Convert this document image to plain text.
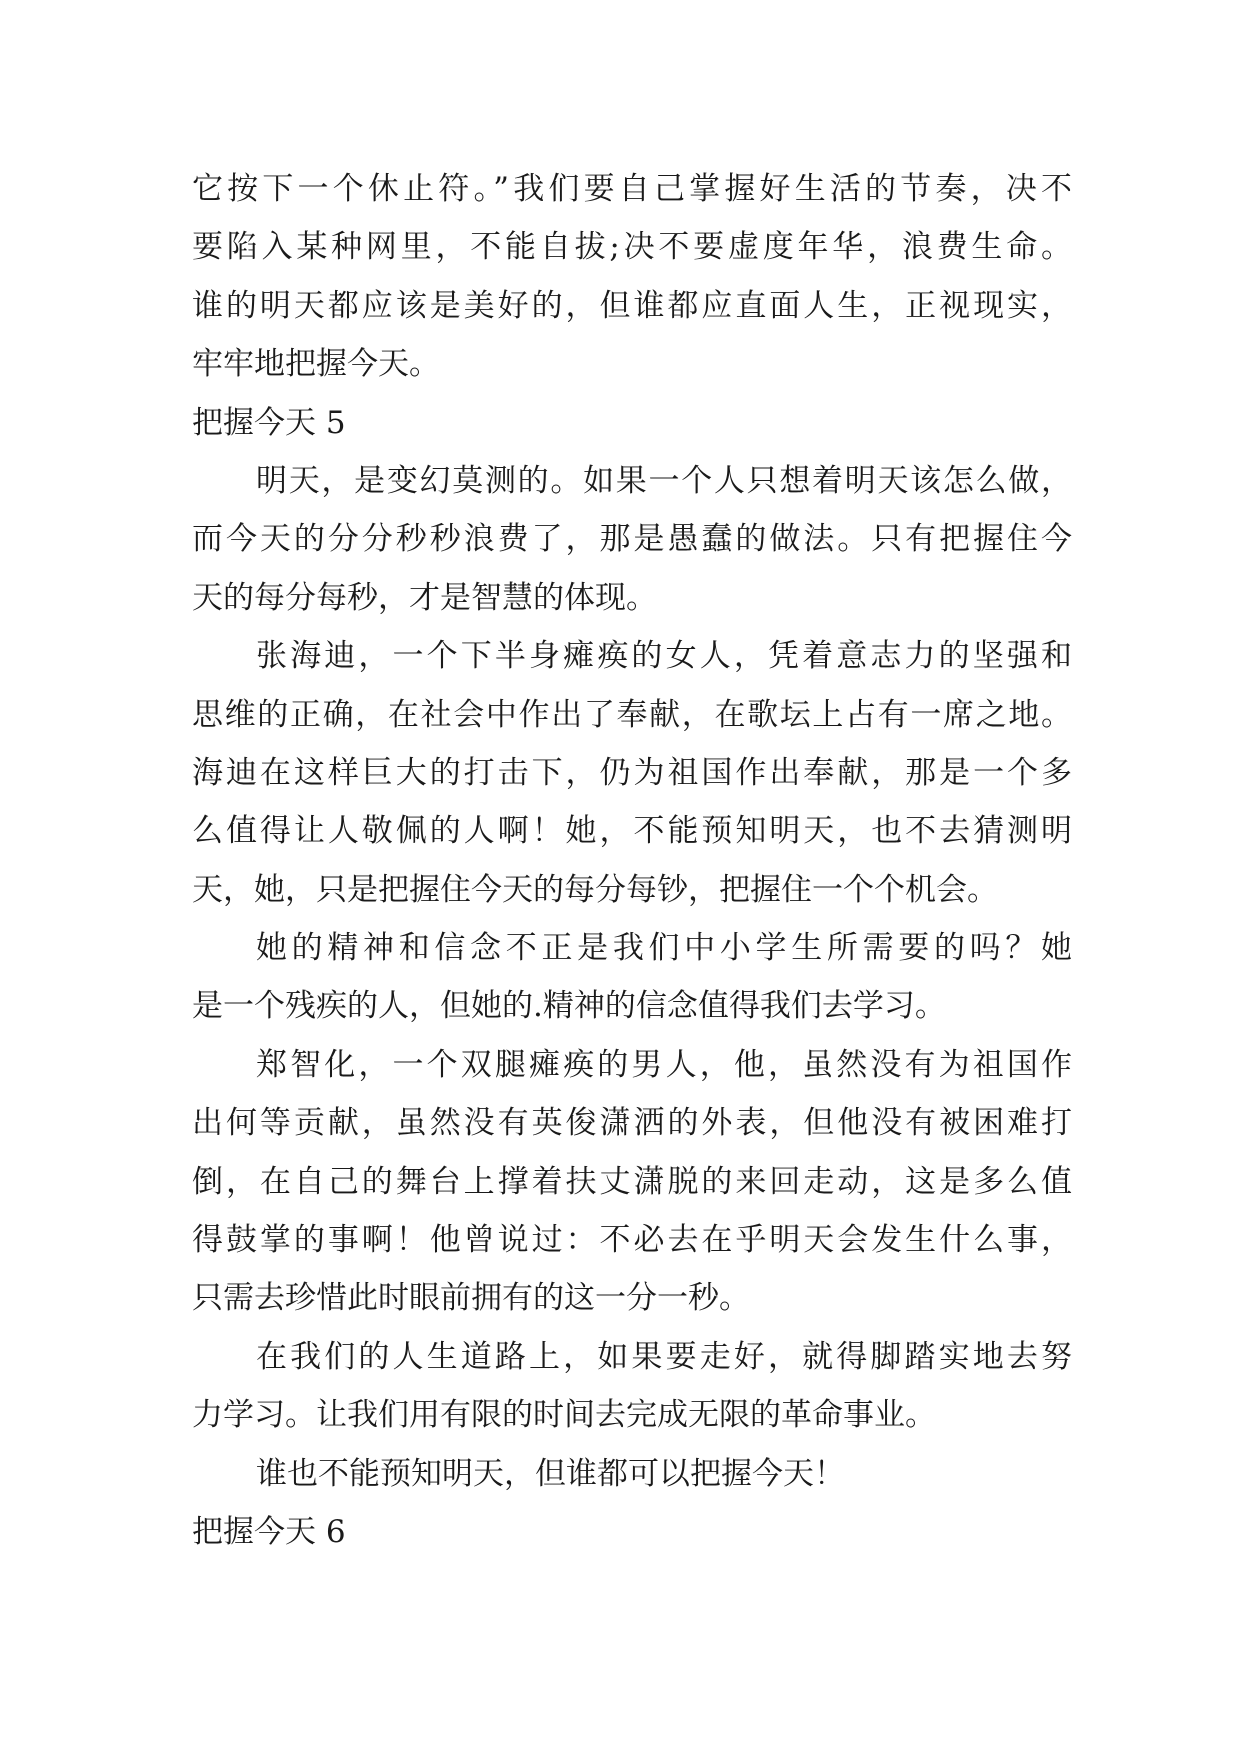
它按下一个休止符。”我们要自己掌握好生活的节奏，决不
要陷入某种网里，不能自拔;决不要虚度年华，浪费生命。
谁的明天都应该是美好的，但谁都应直面人生，正视现实，
牢牢地把握今天。
把握今天 5
明天，是变幻莫测的。如果一个人只想着明天该怎么做，
而今天的分分秒秒浪费了，那是愚蠢的做法。只有把握住今
天的每分每秒，才是智慧的体现。
张海迪，一个下半身瘫痪的女人，凭着意志力的坚强和
思维的正确，在社会中作出了奉献，在歌坛上占有一席之地。
海迪在这样巨大的打击下，仍为祖国作出奉献，那是一个多
么值得让人敬佩的人啊！她，不能预知明天，也不去猜测明
天，她，只是把握住今天的每分每钞，把握住一个个机会。
她的精神和信念不正是我们中小学生所需要的吗？她
是一个残疾的人，但她的.精神的信念值得我们去学习。
郑智化，一个双腿瘫痪的男人，他，虽然没有为祖国作
出何等贡献，虽然没有英俊潇洒的外表，但他没有被困难打
倒，在自己的舞台上撑着扶丈潇脱的来回走动，这是多么值
得鼓掌的事啊！他曾说过：不必去在乎明天会发生什么事，
只需去珍惜此时眼前拥有的这一分一秒。
在我们的人生道路上，如果要走好，就得脚踏实地去努
力学习。让我们用有限的时间去完成无限的革命事业。
谁也不能预知明天，但谁都可以把握今天！
把握今天 6
